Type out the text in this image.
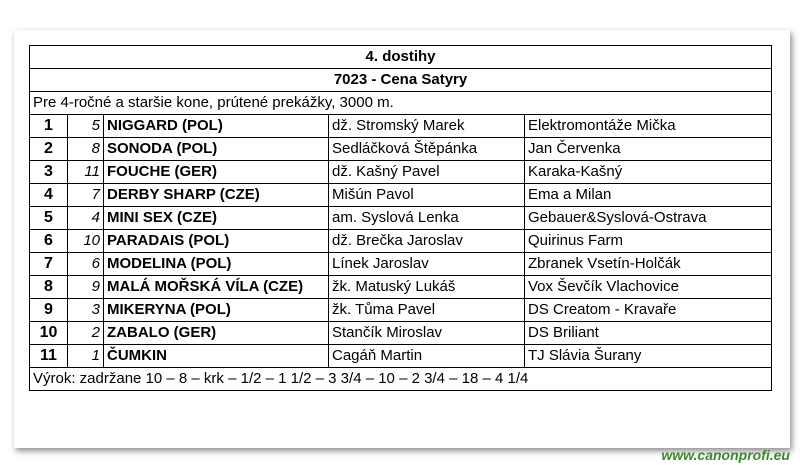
4. dostihy				
7023 - Cena Satyry				
Pre 4-ročné a staršie kone, prútené prekážky, 3000 m.				
1	5	NIGGARD (POL)	dž. Stromský Marek	Elektromontáže Mička
2	8	SONODA (POL)	Sedláčková Štěpánka	Jan Červenka
3	11	FOUCHE (GER)	dž. Kašný Pavel	Karaka-Kašný
4	7	DERBY SHARP (CZE)	Mišún Pavol	Ema a Milan
5	4	MINI SEX (CZE)	am. Syslová Lenka	Gebauer&Syslová-Ostrava
6	10	PARADAIS (POL)	dž. Brečka Jaroslav	Quirinus Farm
7	6	MODELINA (POL)	Línek Jaroslav	Zbranek Vsetín-Holčák
8	9	MALÁ MOŘSKÁ VÍLA (CZE)	žk. Matuský Lukáš	Vox Ševčík Vlachovice
9	3	MIKERYNA (POL)	žk. Tůma Pavel	DS Creatom - Kravaře
10	2	ZABALO (GER)	Stančík Miroslav	DS Briliant
11	1	ČUMKIN	Cagáň Martin	TJ Slávia Šurany
Výrok: zadržane 10 – 8 – krk – 1/2 – 1 1/2 – 3 3/4 – 10 – 2 3/4 – 18 – 4 1/4				
www.canonprofi.eu
